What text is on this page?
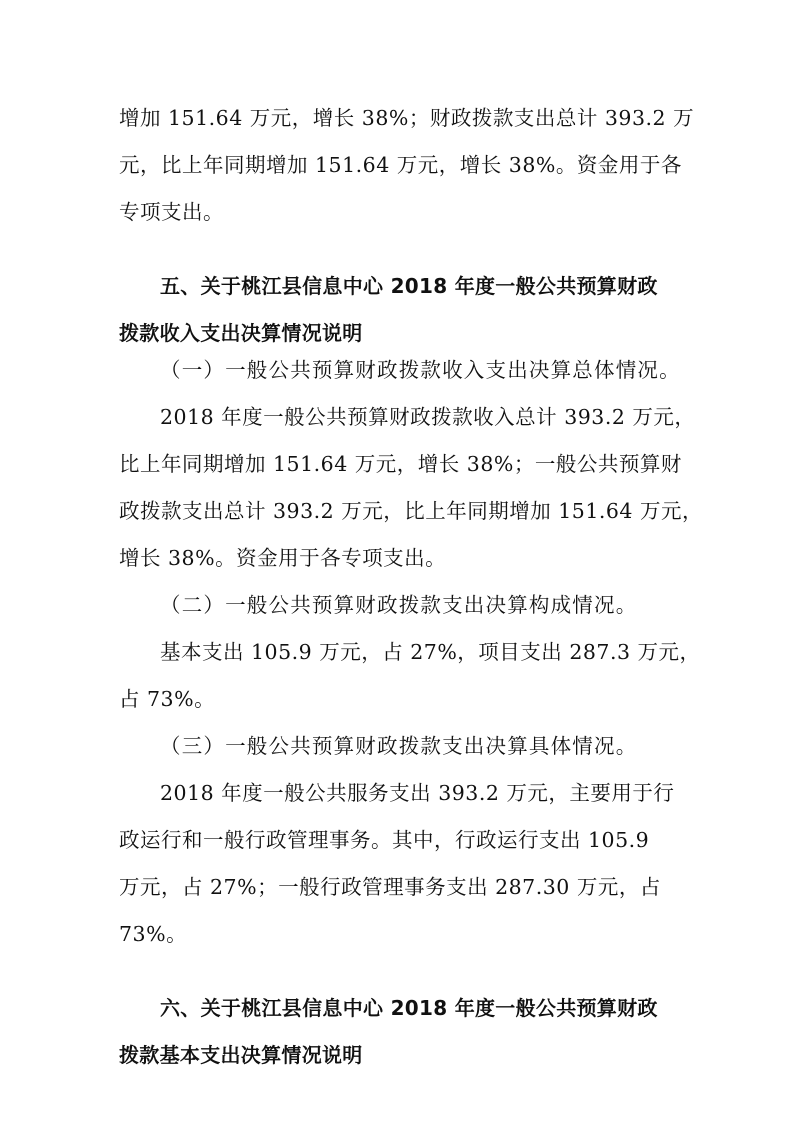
增加 151.64 万元，增长 38%；财政拨款支出总计 393.2 万
元，比上年同期增加 151.64 万元，增长 38%。资金用于各
专项支出。
五、关于桃江县信息中心 2018 年度一般公共预算财政
拨款收入支出决算情况说明
（一）一般公共预算财政拨款收入支出决算总体情况。
2018 年度一般公共预算财政拨款收入总计 393.2 万元，
比上年同期增加 151.64 万元，增长 38%；一般公共预算财
政拨款支出总计 393.2 万元，比上年同期增加 151.64 万元，
增长 38%。资金用于各专项支出。
（二）一般公共预算财政拨款支出决算构成情况。
基本支出 105.9 万元，占 27%，项目支出 287.3 万元，
占 73%。
（三）一般公共预算财政拨款支出决算具体情况。
2018 年度一般公共服务支出 393.2 万元，主要用于行
政运行和一般行政管理事务。其中，行政运行支出 105.9
万元，占 27%；一般行政管理事务支出 287.30 万元，占
73%。
六、关于桃江县信息中心 2018 年度一般公共预算财政
拨款基本支出决算情况说明
